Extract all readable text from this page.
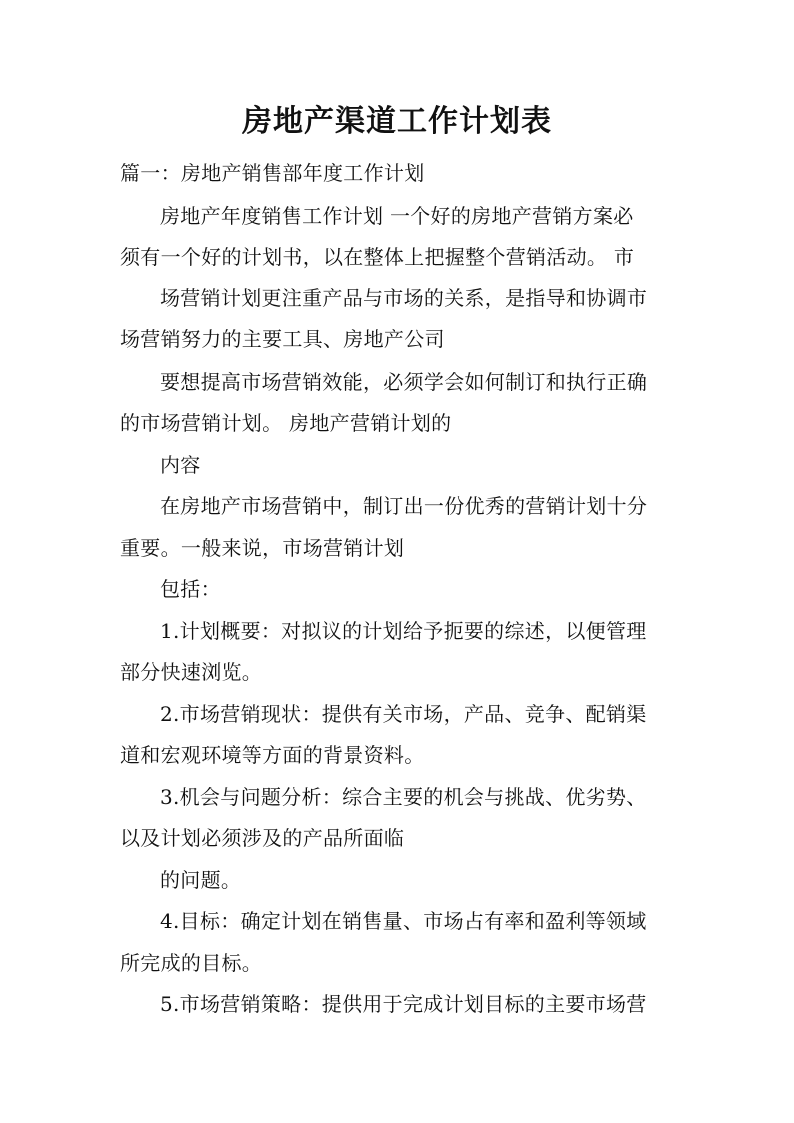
房地产渠道工作计划表
篇一：房地产销售部年度工作计划
房地产年度销售工作计划 一个好的房地产营销方案必
须有一个好的计划书，以在整体上把握整个营销活动。 市
场营销计划更注重产品与市场的关系，是指导和协调市
场营销努力的主要工具、房地产公司
要想提高市场营销效能，必须学会如何制订和执行正确
的市场营销计划。 房地产营销计划的
内容
在房地产市场营销中，制订出一份优秀的营销计划十分
重要。一般来说，市场营销计划
包括：
1.计划概要：对拟议的计划给予扼要的综述，以便管理
部分快速浏览。
2.市场营销现状：提供有关市场，产品、竞争、配销渠
道和宏观环境等方面的背景资料。
3.机会与问题分析：综合主要的机会与挑战、优劣势、
以及计划必须涉及的产品所面临
的问题。
4.目标：确定计划在销售量、市场占有率和盈利等领域
所完成的目标。
5.市场营销策略：提供用于完成计划目标的主要市场营
